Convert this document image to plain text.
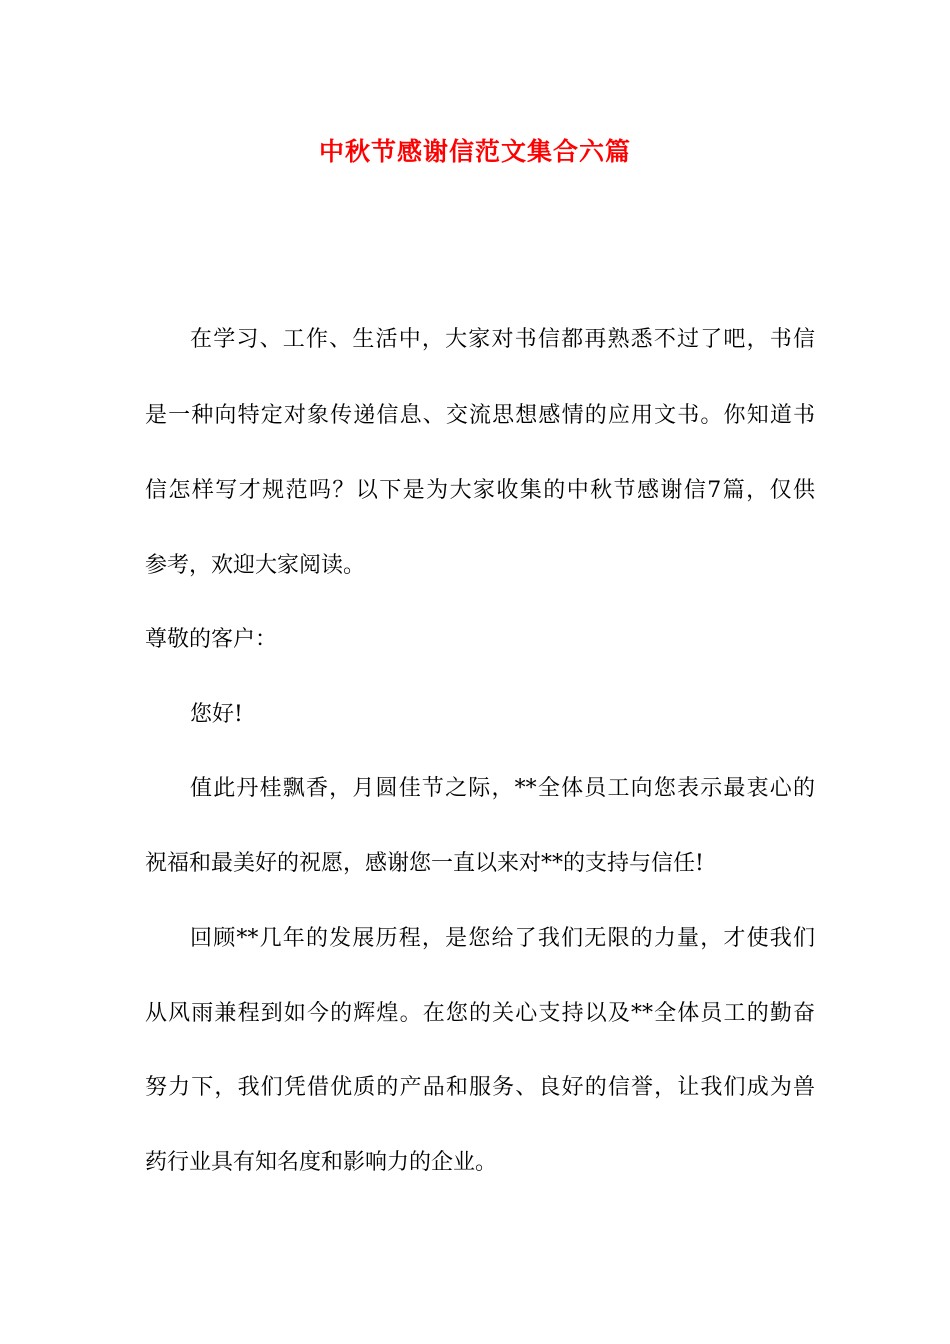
中秋节感谢信范文集合六篇
在学习、工作、生活中，大家对书信都再熟悉不过了吧，书信
是一种向特定对象传递信息、交流思想感情的应用文书。你知道书
信怎样写才规范吗？以下是为大家收集的中秋节感谢信7篇，仅供
参考，欢迎大家阅读。
尊敬的客户：
您好!
值此丹桂飘香，月圆佳节之际，**全体员工向您表示最衷心的
祝福和最美好的祝愿，感谢您一直以来对**的支持与信任!
回顾**几年的发展历程，是您给了我们无限的力量，才使我们
从风雨兼程到如今的辉煌。在您的关心支持以及**全体员工的勤奋
努力下，我们凭借优质的产品和服务、良好的信誉，让我们成为兽
药行业具有知名度和影响力的企业。
